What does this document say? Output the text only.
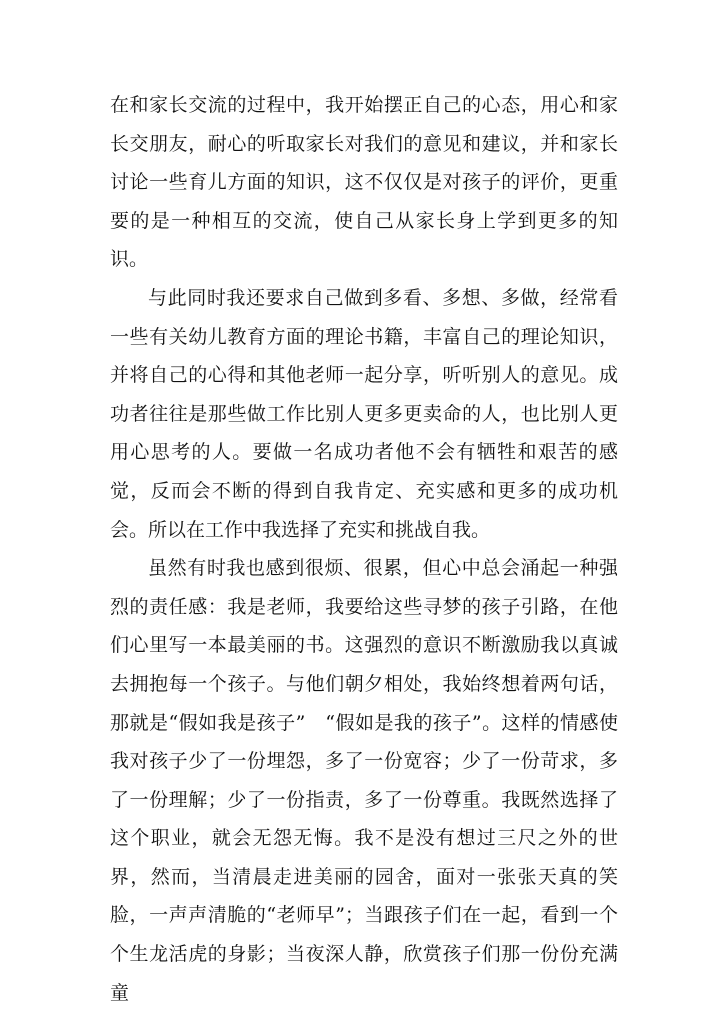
在和家长交流的过程中，我开始摆正自己的心态，用心和家长交朋友，耐心的听取家长对我们的意见和建议，并和家长讨论一些育儿方面的知识，这不仅仅是对孩子的评价，更重要的是一种相互的交流，使自己从家长身上学到更多的知识。

与此同时我还要求自己做到多看、多想、多做，经常看一些有关幼儿教育方面的理论书籍，丰富自己的理论知识，并将自己的心得和其他老师一起分享，听听别人的意见。成功者往往是那些做工作比别人更多更卖命的人，也比别人更用心思考的人。要做一名成功者他不会有牺牲和艰苦的感觉，反而会不断的得到自我肯定、充实感和更多的成功机会。所以在工作中我选择了充实和挑战自我。

虽然有时我也感到很烦、很累，但心中总会涌起一种强烈的责任感：我是老师，我要给这些寻梦的孩子引路，在他们心里写一本最美丽的书。这强烈的意识不断激励我以真诚去拥抱每一个孩子。与他们朝夕相处，我始终想着两句话，那就是“假如我是孩子”　“假如是我的孩子”。这样的情感使我对孩子少了一份埋怨，多了一份宽容；少了一份苛求，多了一份理解；少了一份指责，多了一份尊重。我既然选择了这个职业，就会无怨无悔。我不是没有想过三尺之外的世界，然而，当清晨走进美丽的园舍，面对一张张天真的笑脸，一声声清脆的“老师早”；当跟孩子们在一起，看到一个个生龙活虎的身影；当夜深人静，欣赏孩子们那一份份充满童
